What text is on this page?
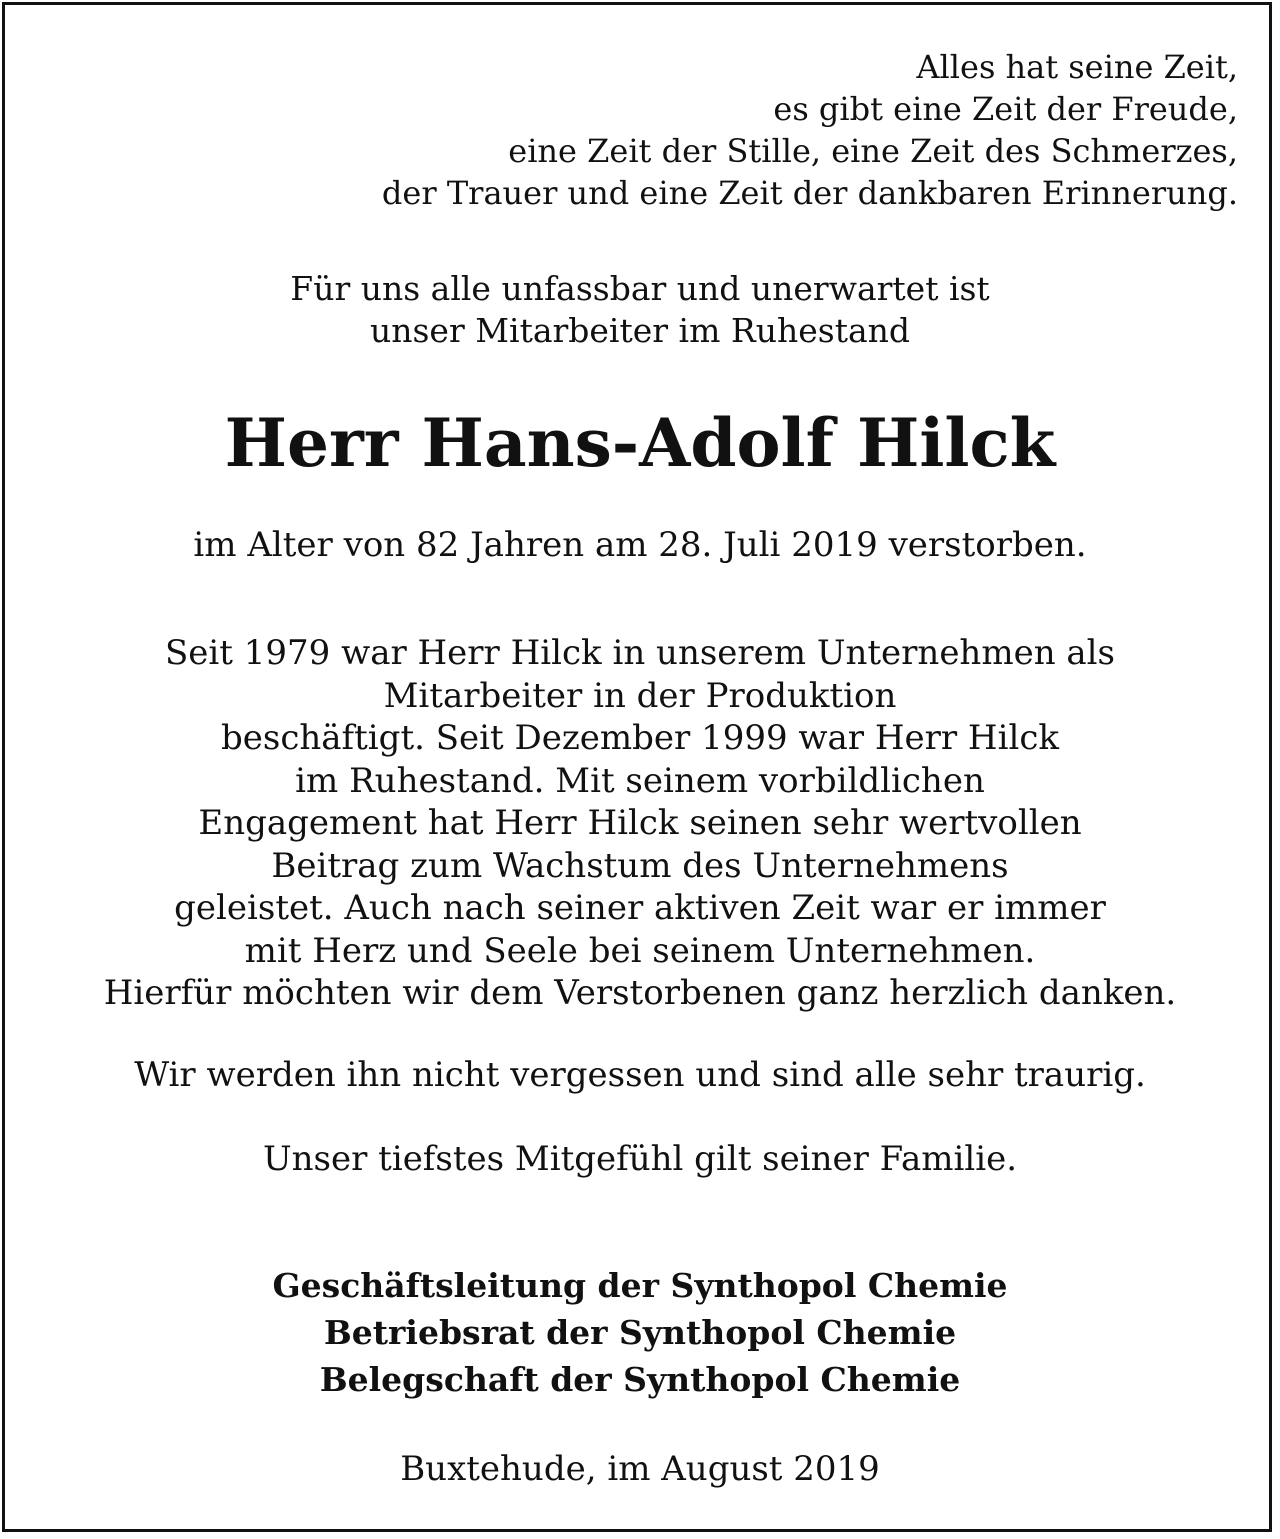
Alles hat seine Zeit,
es gibt eine Zeit der Freude,
eine Zeit der Stille, eine Zeit des Schmerzes,
der Trauer und eine Zeit der dankbaren Erinnerung.
Für uns alle unfassbar und unerwartet ist
unser Mitarbeiter im Ruhestand
Herr Hans-Adolf Hilck
im Alter von 82 Jahren am 28. Juli 2019 verstorben.
Seit 1979 war Herr Hilck in unserem Unternehmen als
Mitarbeiter in der Produktion
beschäftigt. Seit Dezember 1999 war Herr Hilck
im Ruhestand. Mit seinem vorbildlichen
Engagement hat Herr Hilck seinen sehr wertvollen
Beitrag zum Wachstum des Unternehmens
geleistet. Auch nach seiner aktiven Zeit war er immer
mit Herz und Seele bei seinem Unternehmen.
Hierfür möchten wir dem Verstorbenen ganz herzlich danken.
Wir werden ihn nicht vergessen und sind alle sehr traurig.
Unser tiefstes Mitgefühl gilt seiner Familie.
Geschäftsleitung der Synthopol Chemie
Betriebsrat der Synthopol Chemie
Belegschaft der Synthopol Chemie
Buxtehude, im August 2019
